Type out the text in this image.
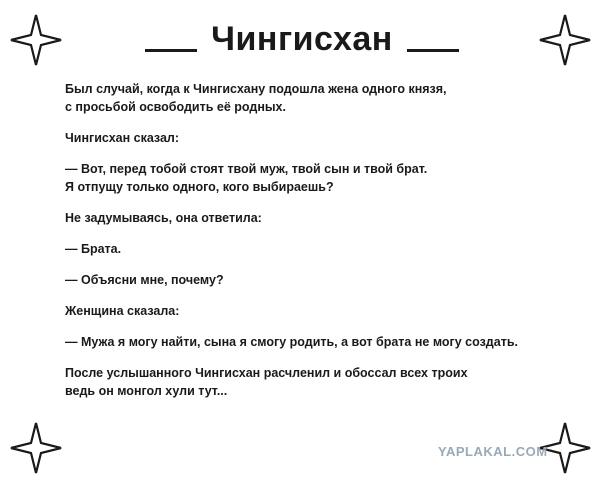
Чингисхан
Был случай, когда к Чингисхану подошла жена одного князя,
с просьбой освободить её родных.
Чингисхан сказал:
— Вот, перед тобой стоят твой муж, твой сын и твой брат.
Я отпущу только одного, кого выбираешь?
Не задумываясь, она ответила:
— Брата.
— Объясни мне, почему?
Женщина сказала:
— Мужа я могу найти, сына я смогу родить, а вот брата не могу создать.
После услышанного Чингисхан расчленил и обоссал всех троих
ведь он монгол хули тут...
YAPLAKAL.COM
